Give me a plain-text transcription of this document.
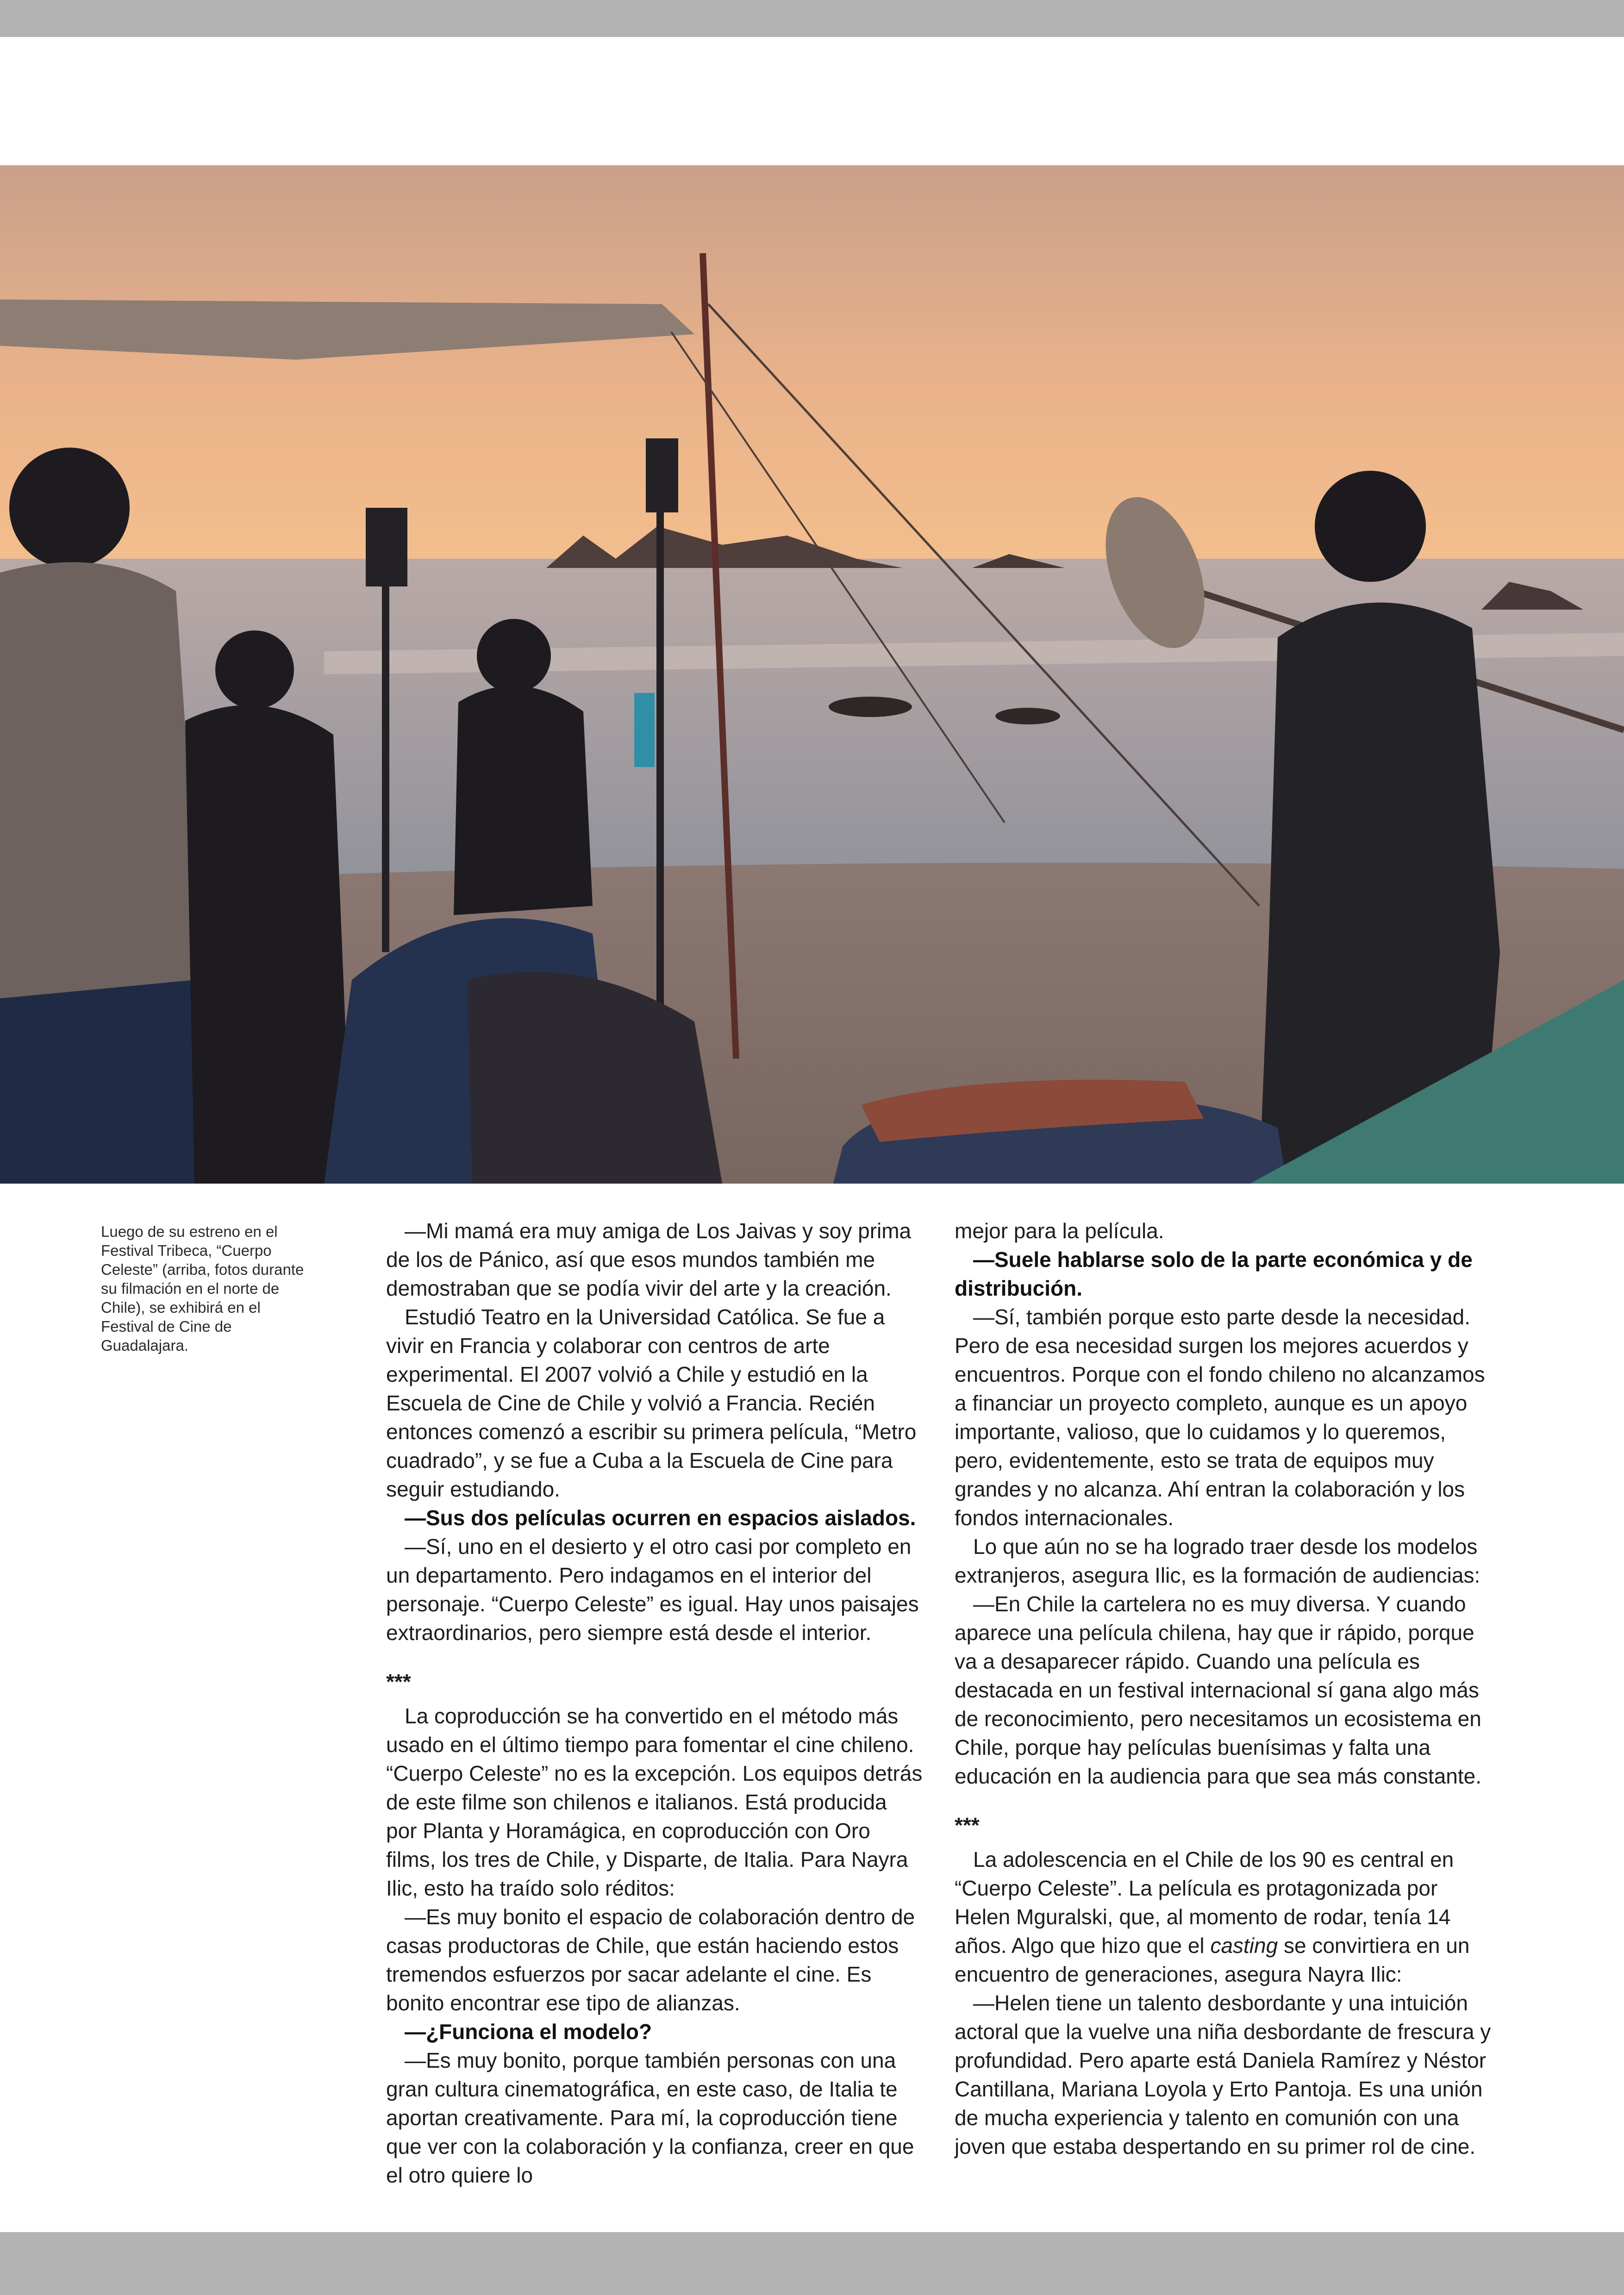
Luego de su estreno en el Festival Tribeca, “Cuerpo Celeste” (arriba, fotos durante su filmación en el norte de Chile), se exhibirá en el Festival de Cine de Guadalajara.

—Mi mamá era muy amiga de Los Jaivas y soy prima de los de Pánico, así que esos mundos también me demostraban que se podía vivir del arte y la creación.

Estudió Teatro en la Universidad Católica. Se fue a vivir en Francia y colaborar con centros de arte experimental. El 2007 volvió a Chile y estudió en la Escuela de Cine de Chile y volvió a Francia. Recién entonces comenzó a escribir su primera película, “Metro cuadrado”, y se fue a Cuba a la Escuela de Cine para seguir estudiando.

—Sus dos películas ocurren en espacios aislados.

—Sí, uno en el desierto y el otro casi por completo en un departamento. Pero indagamos en el interior del personaje. “Cuerpo Celeste” es igual. Hay unos paisajes extraordinarios, pero siempre está desde el interior.

***

La coproducción se ha convertido en el método más usado en el último tiempo para fomentar el cine chileno. “Cuerpo Celeste” no es la excepción. Los equipos detrás de este filme son chilenos e italianos. Está producida por Planta y Horamágica, en coproducción con Oro films, los tres de Chile, y Disparte, de Italia. Para Nayra Ilic, esto ha traído solo réditos:

—Es muy bonito el espacio de colaboración dentro de casas productoras de Chile, que están haciendo estos tremendos esfuerzos por sacar adelante el cine. Es bonito encontrar ese tipo de alianzas.

—¿Funciona el modelo?

—Es muy bonito, porque también personas con una gran cultura cinematográfica, en este caso, de Italia te aportan creativamente. Para mí, la coproducción tiene que ver con la colaboración y la confianza, creer en que el otro quiere lo

mejor para la película.

—Suele hablarse solo de la parte económica y de distribución.

—Sí, también porque esto parte desde la necesidad. Pero de esa necesidad surgen los mejores acuerdos y encuentros. Porque con el fondo chileno no alcanzamos a financiar un proyecto completo, aunque es un apoyo importante, valioso, que lo cuidamos y lo queremos, pero, evidentemente, esto se trata de equipos muy grandes y no alcanza. Ahí entran la colaboración y los fondos internacionales.

Lo que aún no se ha logrado traer desde los modelos extranjeros, asegura Ilic, es la formación de audiencias:

—En Chile la cartelera no es muy diversa. Y cuando aparece una película chilena, hay que ir rápido, porque va a desaparecer rápido. Cuando una película es destacada en un festival internacional sí gana algo más de reconocimiento, pero necesitamos un ecosistema en Chile, porque hay películas buenísimas y falta una educación en la audiencia para que sea más constante.

***

La adolescencia en el Chile de los 90 es central en “Cuerpo Celeste”. La película es protagonizada por Helen Mguralski, que, al momento de rodar, tenía 14 años. Algo que hizo que el casting se convirtiera en un encuentro de generaciones, asegura Nayra Ilic:

—Helen tiene un talento desbordante y una intuición actoral que la vuelve una niña desbordante de frescura y profundidad. Pero aparte está Daniela Ramírez y Néstor Cantillana, Mariana Loyola y Erto Pantoja. Es una unión de mucha experiencia y talento en comunión con una joven que estaba despertando en su primer rol de cine.
